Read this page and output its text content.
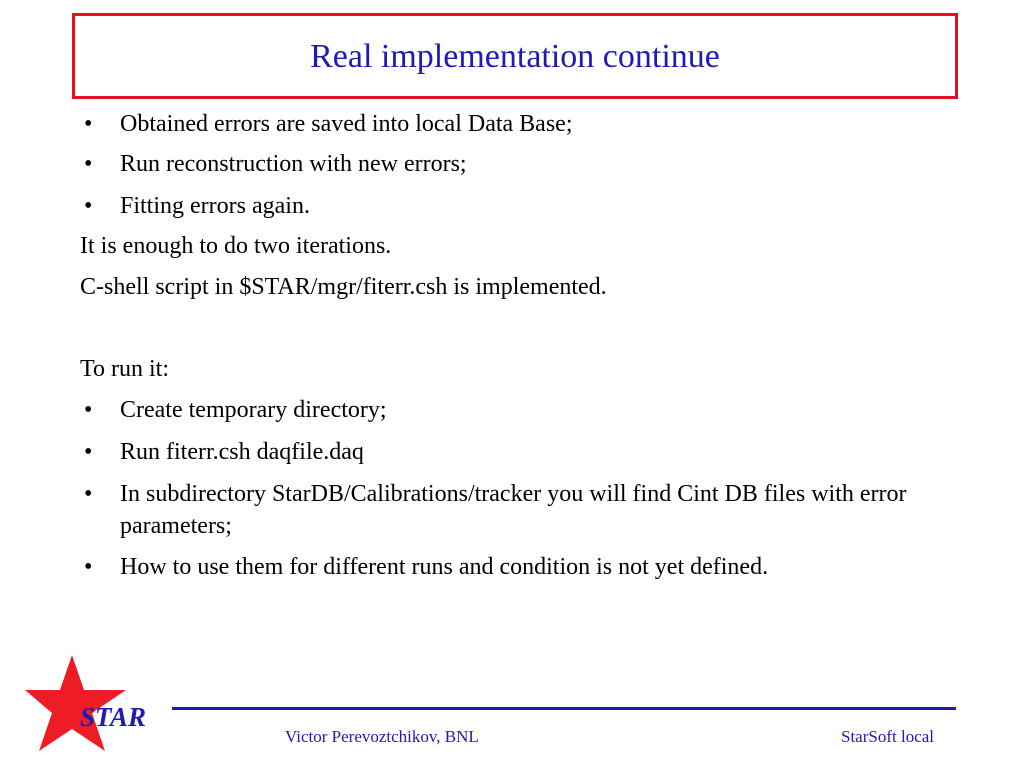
Real implementation continue
• Obtained errors are saved into local Data Base;
• Run reconstruction with new errors;
• Fitting errors again.
It is enough to do two iterations.
C-shell script in $STAR/mgr/fiterr.csh is implemented.
To run it:
• Create temporary directory;
• Run fiterr.csh daqfile.daq
• In subdirectory StarDB/Calibrations/tracker you will find Cint DB files with error parameters;
• How to use them for different runs and condition is not yet defined.
STAR
Victor Perevoztchikov, BNL	StarSoft local
